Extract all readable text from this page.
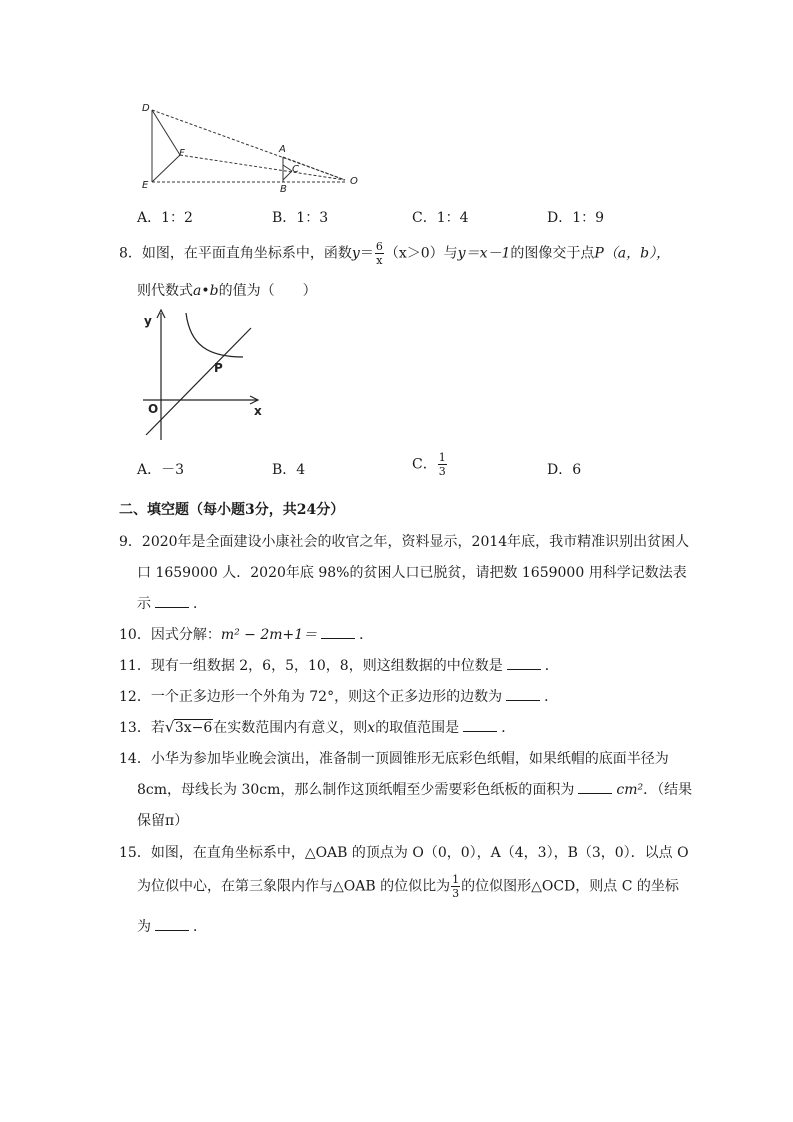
D
E
F	A
B
C
O
A．1：2	B．1：3	C．1：4	D．1：9
8．如图，在平面直角坐标系中，函数$y= \frac{6}{x} (x>0)$与y＝x－1的图像交于点P（a，b），
则代数式a•b的值为（　　）
y
x
O
P
A．－3	B．4	C． $\frac{1}{3}$	D．6
二、填空题（每小题3分，共24分）
9．2020年是全面建设小康社会的收官之年，资料显示，2014年底，我市精准识别出贫困人
口 1659000 人．2020年底 98%的贫困人口已脱贫，请把数 1659000 用科学记数法表
示	．
10．因式分解：m² − 2m+1＝	．
11．现有一组数据 2，6，5，10，8，则这组数据的中位数是	．
12．一个正多边形一个外角为 72°，则这个正多边形的边数为	．
13．若 √ 3x−6在实数范围内有意义，则x的取值范围是	．
14．小华为参加毕业晚会演出，准备制一顶圆锥形无底彩色纸帽，如果纸帽的底面半径为
8cm，母线长为 30cm，那么制作这顶纸帽至少需要彩色纸板的面积为	cm²．（结果
保留π）
15．如图，在直角坐标系中，△OAB 的顶点为 O（0，0），A（4，3），B（3，0）．以点 O
为位似中心，在第三象限内作与△OAB 的位似比为 $\frac{1}{3}$ 的位似图形△OCD，则点 C 的坐标
为	．
